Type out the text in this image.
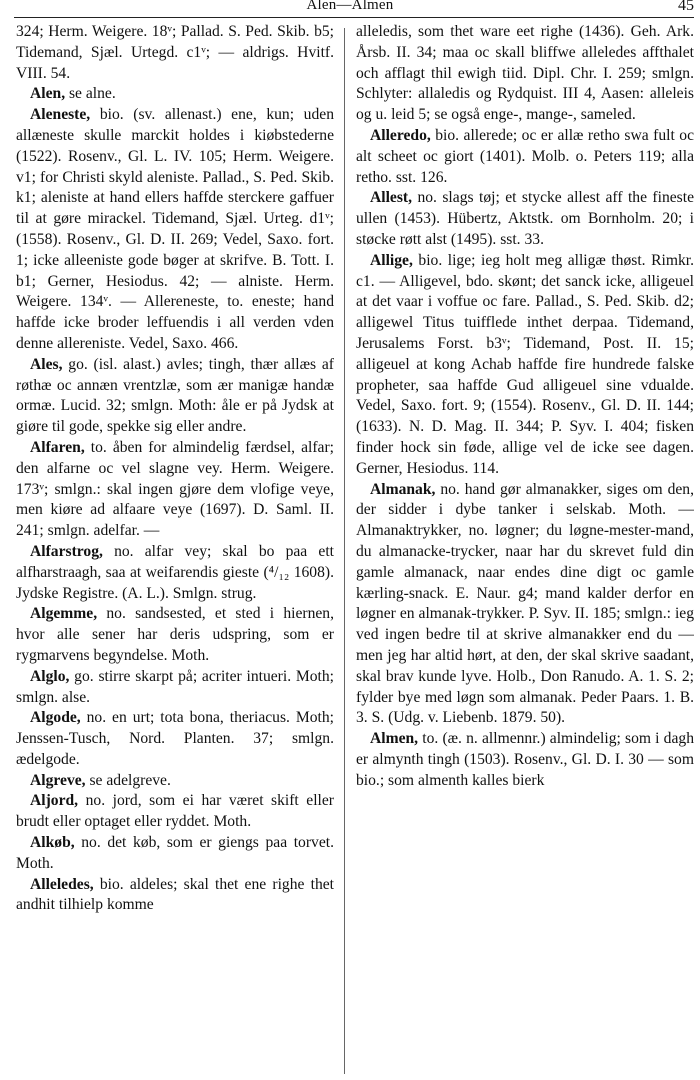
Alen—Almen	45

324; Herm. Weigere. 18ᵛ; Pallad. S. Ped. Skib. b5; Tidemand, Sjæl. Urtegd. c1ᵛ; — aldrigs. Hvitf. VIII. 54.

Alen, se alne.

Aleneste, bio. (sv. allenast.) ene, kun; uden allæneste skulle marckit holdes i kiøbstederne (1522). Rosenv., Gl. L. IV. 105; Herm. Weigere. v1; for Christi skyld aleniste. Pallad., S. Ped. Skib. k1; aleniste at hand ellers haffde sterckere gaffuer til at gøre mirackel. Tidemand, Sjæl. Urteg. d1ᵛ; (1558). Rosenv., Gl. D. II. 269; Vedel, Saxo. fort. 1; icke alleeniste gode bøger at skrifve. B. Tott. I. b1; Gerner, Hesiodus. 42; — alniste. Herm. Weigere. 134ᵛ. — Allereneste, to. eneste; hand haffde icke broder leffuendis i all verden vden denne allereniste. Vedel, Saxo. 466.

Ales, go. (isl. alast.) avles; tingh, thær allæs af røthæ oc annæn vrentzlæ, som ær manigæ handæ ormæ. Lucid. 32; smlgn. Moth: åle er på Jydsk at giøre til gode, spekke sig eller andre.

Alfaren, to. åben for almindelig færdsel, alfar; den alfarne oc vel slagne vey. Herm. Weigere. 173ᵛ; smlgn.: skal ingen gjøre dem vlofige veye, men kiøre ad alfaare veye (1697). D. Saml. II. 241; smlgn. adelfar. —

Alfarstrog, no. alfar vey; skal bo paa ett alfharstraagh, saa at weifarendis gieste (⁴/₁₂ 1608). Jydske Registre. (A. L.). Smlgn. strug.

Algemme, no. sandsested, et sted i hiernen, hvor alle sener har deris udspring, som er rygmarvens begyndelse. Moth.

Alglo, go. stirre skarpt på; acriter intueri. Moth; smlgn. alse.

Algode, no. en urt; tota bona, theriacus. Moth; Jenssen-Tusch, Nord. Planten. 37; smlgn. ædelgode.

Algreve, se adelgreve.

Aljord, no. jord, som ei har været skift eller brudt eller optaget eller ryddet. Moth.

Alkøb, no. det køb, som er giengs paa torvet. Moth.

Alleledes, bio. aldeles; skal thet ene righe thet andhit tilhielp komme

alleledis, som thet ware eet righe (1436). Geh. Ark. Årsb. II. 34; maa oc skall bliffwe alleledes affthalet och afflagt thil ewigh tiid. Dipl. Chr. I. 259; smlgn. Schlyter: allaledis og Rydquist. III 4, Aasen: alleleis og u. leid 5; se også enge-, mange-, sameled.

Alleredo, bio. allerede; oc er allæ retho swa fult oc alt scheet oc giort (1401). Molb. o. Peters 119; alla retho. sst. 126.

Allest, no. slags tøj; et stycke allest aff the fineste ullen (1453). Hübertz, Aktstk. om Bornholm. 20; i støcke røtt alst (1495). sst. 33.

Allige, bio. lige; ieg holt meg alligæ thøst. Rimkr. c1. — Alligevel, bdo. skønt; det sanck icke, alligeuel at det vaar i voffue oc fare. Pallad., S. Ped. Skib. d2; alligewel Titus tuifflede inthet derpaa. Tidemand, Jerusalems Forst. b3ᵛ; Tidemand, Post. II. 15; alligeuel at kong Achab haffde fire hundrede falske propheter, saa haffde Gud alligeuel sine vdualde. Vedel, Saxo. fort. 9; (1554). Rosenv., Gl. D. II. 144; (1633). N. D. Mag. II. 344; P. Syv. I. 404; fisken finder hock sin føde, allige vel de icke see dagen. Gerner, Hesiodus. 114.

Almanak, no. hand gør almanakker, siges om den, der sidder i dybe tanker i selskab. Moth. — Almanaktrykker, no. løgner; du løgne-mester-mand, du almanacke-trycker, naar har du skrevet fuld din gamle almanack, naar endes dine digt oc gamle kærling-snack. E. Naur. g4; mand kalder derfor en løgner en almanak-trykker. P. Syv. II. 185; smlgn.: ieg ved ingen bedre til at skrive almanakker end du — men jeg har altid hørt, at den, der skal skrive saadant, skal brav kunde lyve. Holb., Don Ranudo. A. 1. S. 2; fylder bye med løgn som almanak. Peder Paars. 1. B. 3. S. (Udg. v. Liebenb. 1879. 50).

Almen, to. (æ. n. allmennr.) almindelig; som i dagh er almynth tingh (1503). Rosenv., Gl. D. I. 30 — som bio.; som almenth kalles bierk
